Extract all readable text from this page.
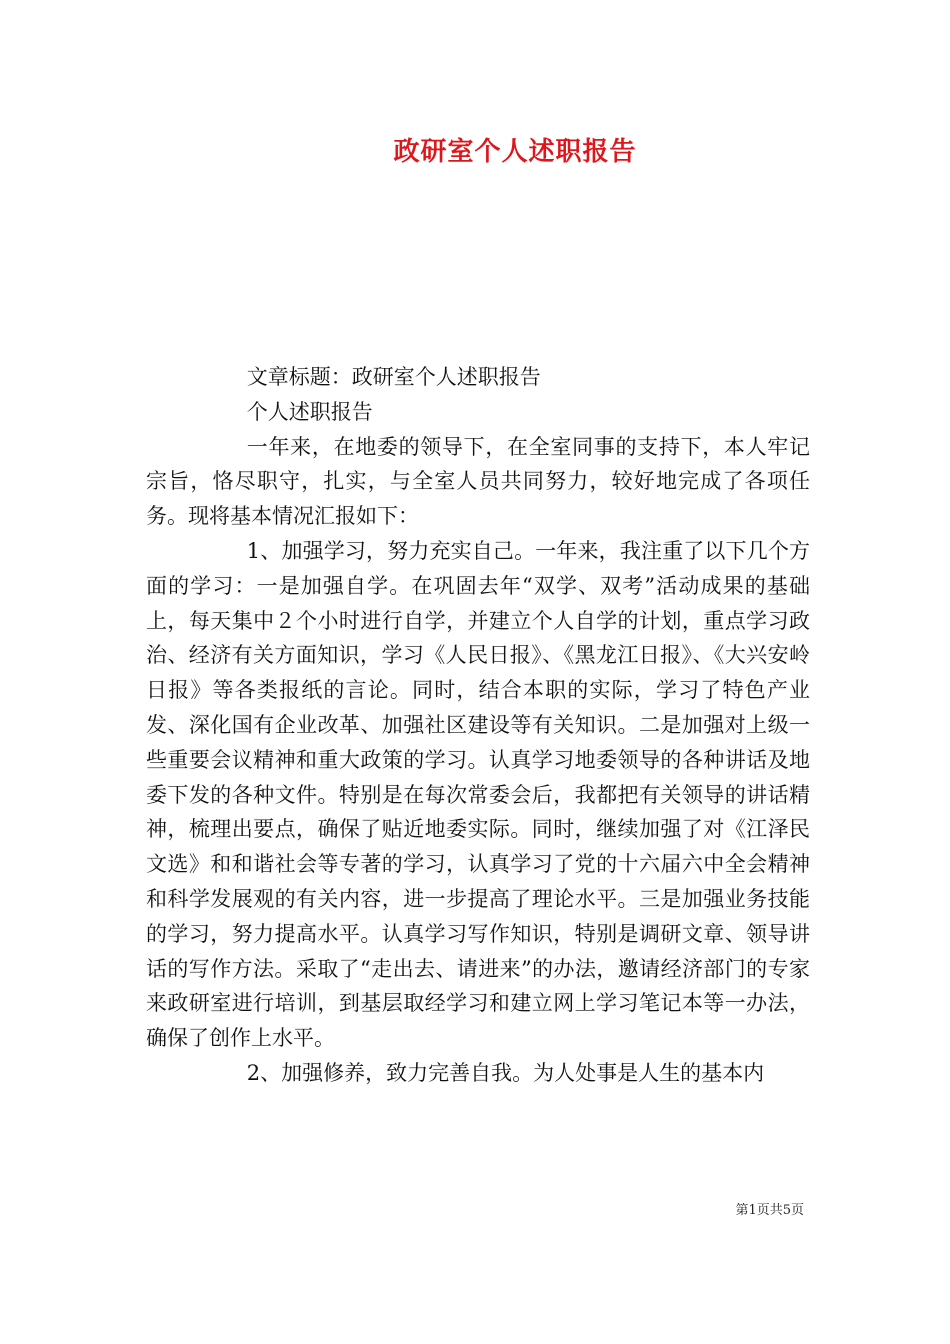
政研室个人述职报告

文章标题：政研室个人述职报告

个人述职报告

一年来，在地委的领导下，在全室同事的支持下，本人牢记宗旨，恪尽职守，扎实，与全室人员共同努力，较好地完成了各项任务。现将基本情况汇报如下：

1、加强学习，努力充实自己。一年来，我注重了以下几个方面的学习：一是加强自学。在巩固去年“双学、双考”活动成果的基础上，每天集中２个小时进行自学，并建立个人自学的计划，重点学习政治、经济有关方面知识，学习《人民日报》、《黑龙江日报》、《大兴安岭日报》等各类报纸的言论。同时，结合本职的实际，学习了特色产业发、深化国有企业改革、加强社区建设等有关知识。二是加强对上级一些重要会议精神和重大政策的学习。认真学习地委领导的各种讲话及地委下发的各种文件。特别是在每次常委会后，我都把有关领导的讲话精神，梳理出要点，确保了贴近地委实际。同时，继续加强了对《江泽民文选》和和谐社会等专著的学习，认真学习了党的十六届六中全会精神和科学发展观的有关内容，进一步提高了理论水平。三是加强业务技能的学习，努力提高水平。认真学习写作知识，特别是调研文章、领导讲话的写作方法。采取了“走出去、请进来”的办法，邀请经济部门的专家来政研室进行培训，到基层取经学习和建立网上学习笔记本等一办法，确保了创作上水平。

2、加强修养，致力完善自我。为人处事是人生的基本内

第1页共5页
